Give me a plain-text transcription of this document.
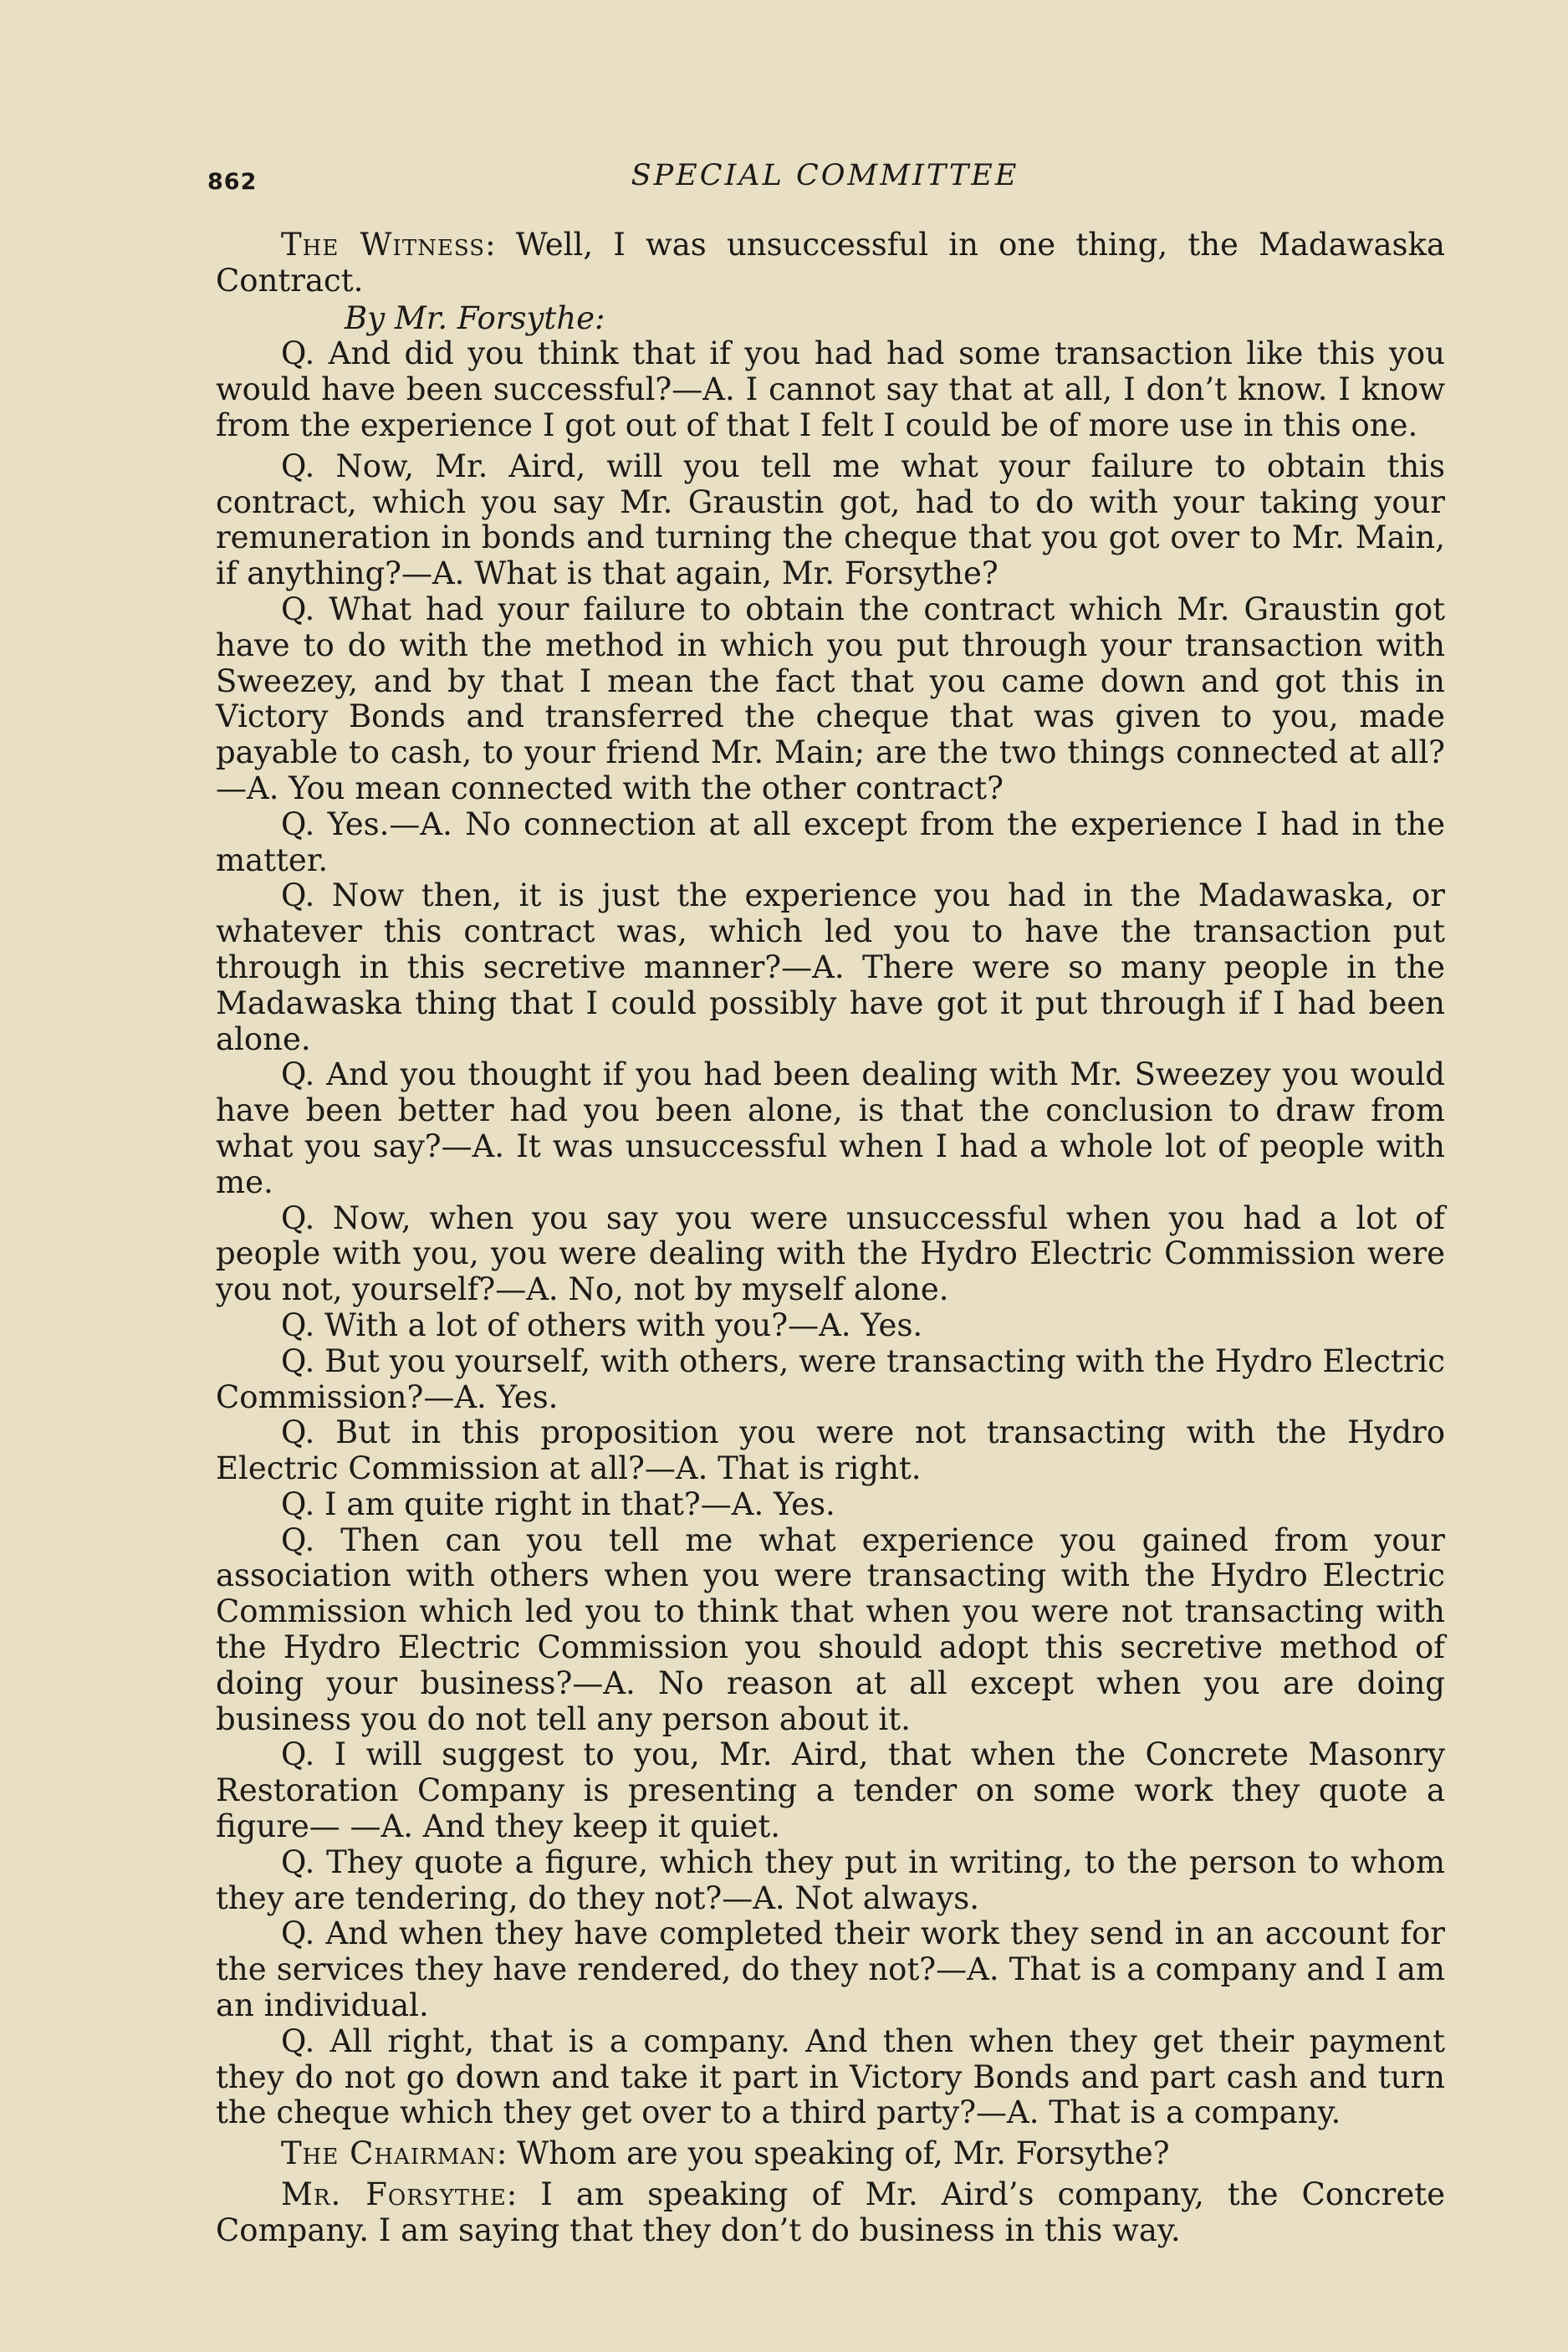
862	SPECIAL COMMITTEE

The Witness: Well, I was unsuccessful in one thing, the Madawaska Contract.

By Mr. Forsythe:

Q. And did you think that if you had had some transaction like this you would have been successful?—A. I cannot say that at all, I don’t know. I know from the experience I got out of that I felt I could be of more use in this one.

Q. Now, Mr. Aird, will you tell me what your failure to obtain this contract, which you say Mr. Graustin got, had to do with your taking your remuneration in bonds and turning the cheque that you got over to Mr. Main, if anything?—A. What is that again, Mr. Forsythe?

Q. What had your failure to obtain the contract which Mr. Graustin got have to do with the method in which you put through your transaction with Sweezey, and by that I mean the fact that you came down and got this in Victory Bonds and transferred the cheque that was given to you, made payable to cash, to your friend Mr. Main; are the two things connected at all? —A. You mean connected with the other contract?

Q. Yes.—A. No connection at all except from the experience I had in the matter.

Q. Now then, it is just the experience you had in the Madawaska, or whatever this contract was, which led you to have the transaction put through in this secretive manner?—A. There were so many people in the Madawaska thing that I could possibly have got it put through if I had been alone.

Q. And you thought if you had been dealing with Mr. Sweezey you would have been better had you been alone, is that the conclusion to draw from what you say?—A. It was unsuccessful when I had a whole lot of people with me.

Q. Now, when you say you were unsuccessful when you had a lot of people with you, you were dealing with the Hydro Electric Commission were you not, yourself?—A. No, not by myself alone.

Q. With a lot of others with you?—A. Yes.

Q. But you yourself, with others, were transacting with the Hydro Electric Commission?—A. Yes.

Q. But in this proposition you were not transacting with the Hydro Electric Commission at all?—A. That is right.

Q. I am quite right in that?—A. Yes.

Q. Then can you tell me what experience you gained from your association with others when you were transacting with the Hydro Electric Commission which led you to think that when you were not transacting with the Hydro Electric Commission you should adopt this secretive method of doing your business?—A. No reason at all except when you are doing business you do not tell any person about it.

Q. I will suggest to you, Mr. Aird, that when the Concrete Masonry Restoration Company is presenting a tender on some work they quote a figure— —A. And they keep it quiet.

Q. They quote a figure, which they put in writing, to the person to whom they are tendering, do they not?—A. Not always.

Q. And when they have completed their work they send in an account for the services they have rendered, do they not?—A. That is a company and I am an individual.

Q. All right, that is a company. And then when they get their payment they do not go down and take it part in Victory Bonds and part cash and turn the cheque which they get over to a third party?—A. That is a company.

The Chairman: Whom are you speaking of, Mr. Forsythe?

Mr. Forsythe: I am speaking of Mr. Aird’s company, the Concrete Company. I am saying that they don’t do business in this way.
